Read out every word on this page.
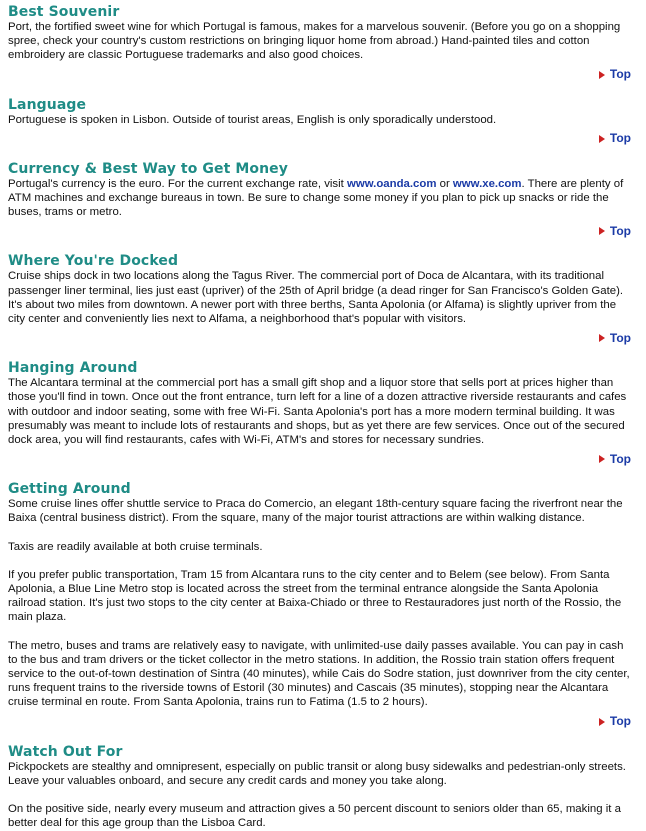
Best Souvenir

Port, the fortified sweet wine for which Portugal is famous, makes for a marvelous souvenir. (Before you go on a shopping spree, check your country's custom restrictions on bringing liquor home from abroad.) Hand-painted tiles and cotton embroidery are classic Portuguese trademarks and also good choices.

Top
Language

Portuguese is spoken in Lisbon. Outside of tourist areas, English is only sporadically understood.

Top
Currency & Best Way to Get Money

Portugal's currency is the euro. For the current exchange rate, visit www.oanda.com or www.xe.com. There are plenty of ATM machines and exchange bureaus in town. Be sure to change some money if you plan to pick up snacks or ride the buses, trams or metro.

Top
Where You're Docked

Cruise ships dock in two locations along the Tagus River. The commercial port of Doca de Alcantara, with its traditional passenger liner terminal, lies just east (upriver) of the 25th of April bridge (a dead ringer for San Francisco's Golden Gate). It's about two miles from downtown. A newer port with three berths, Santa Apolonia (or Alfama) is slightly upriver from the city center and conveniently lies next to Alfama, a neighborhood that's popular with visitors.

Top
Hanging Around

The Alcantara terminal at the commercial port has a small gift shop and a liquor store that sells port at prices higher than those you'll find in town. Once out the front entrance, turn left for a line of a dozen attractive riverside restaurants and cafes with outdoor and indoor seating, some with free Wi-Fi. Santa Apolonia's port has a more modern terminal building. It was presumably was meant to include lots of restaurants and shops, but as yet there are few services. Once out of the secured dock area, you will find restaurants, cafes with Wi-Fi, ATM's and stores for necessary sundries.

Top
Getting Around

Some cruise lines offer shuttle service to Praca do Comercio, an elegant 18th-century square facing the riverfront near the Baixa (central business district). From the square, many of the major tourist attractions are within walking distance.

Taxis are readily available at both cruise terminals.

If you prefer public transportation, Tram 15 from Alcantara runs to the city center and to Belem (see below). From Santa Apolonia, a Blue Line Metro stop is located across the street from the terminal entrance alongside the Santa Apolonia railroad station. It's just two stops to the city center at Baixa-Chiado or three to Restauradores just north of the Rossio, the main plaza.

The metro, buses and trams are relatively easy to navigate, with unlimited-use daily passes available. You can pay in cash to the bus and tram drivers or the ticket collector in the metro stations. In addition, the Rossio train station offers frequent service to the out-of-town destination of Sintra (40 minutes), while Cais do Sodre station, just downriver from the city center, runs frequent trains to the riverside towns of Estoril (30 minutes) and Cascais (35 minutes), stopping near the Alcantara cruise terminal en route. From Santa Apolonia, trains run to Fatima (1.5 to 2 hours).

Top
Watch Out For

Pickpockets are stealthy and omnipresent, especially on public transit or along busy sidewalks and pedestrian-only streets. Leave your valuables onboard, and secure any credit cards and money you take along.

On the positive side, nearly every museum and attraction gives a 50 percent discount to seniors older than 65, making it a better deal for this age group than the Lisboa Card.
